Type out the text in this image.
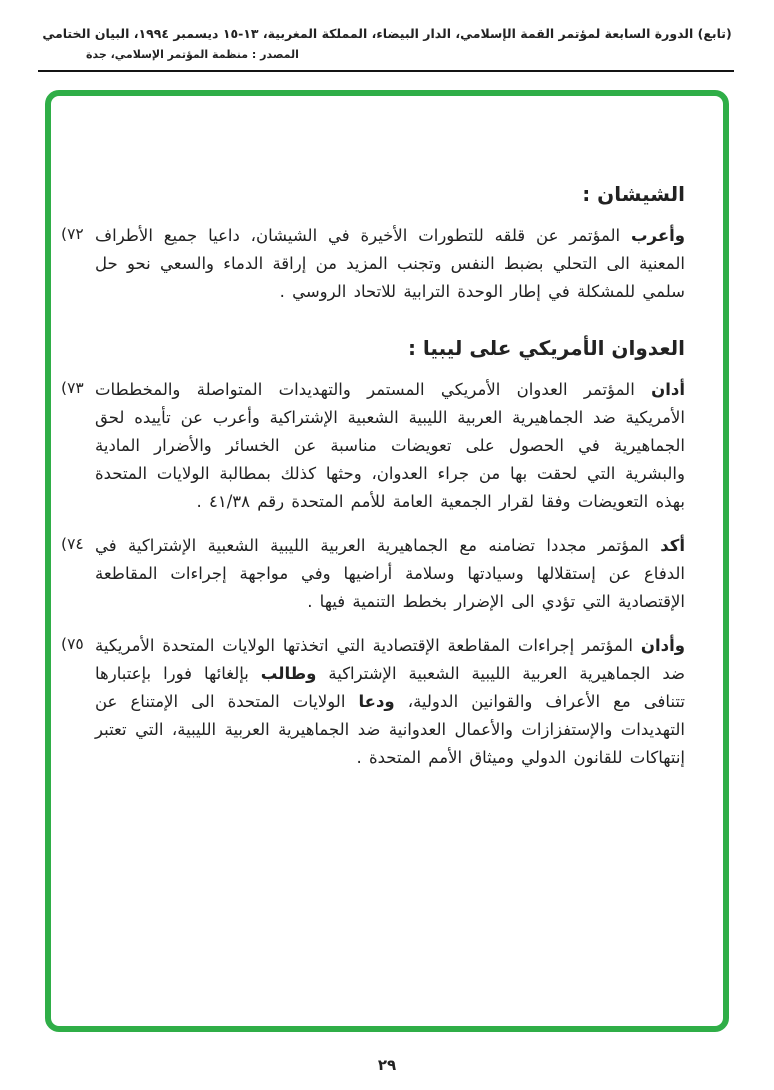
(تابع) الدورة السابعة لمؤتمر القمة الإسلامي، الدار البيضاء، المملكة المغربية، ١٣-١٥ ديسمبر ١٩٩٤، البيان الختامي
المصدر : منظمة المؤتمر الإسلامي، جدة
الشيشان :
٧٢)	وأعرب المؤتمر عن قلقه للتطورات الأخيرة في الشيشان، داعيا جميع الأطراف المعنية الى التحلي بضبط النفس وتجنب المزيد من إراقة الدماء والسعي نحو حل سلمي للمشكلة في إطار الوحدة الترابية للاتحاد الروسي .
العدوان الأمريكي على ليبيا :
٧٣)	أدان المؤتمر العدوان الأمريكي المستمر والتهديدات المتواصلة والمخططات الأمريكية ضد الجماهيرية العربية الليبية الشعبية الإشتراكية وأعرب عن تأييده لحق الجماهيرية في الحصول على تعويضات مناسبة عن الخسائر والأضرار المادية والبشرية التي لحقت بها من جراء العدوان، وحثها كذلك بمطالبة الولايات المتحدة بهذه التعويضات وفقا لقرار الجمعية العامة للأمم المتحدة رقم ٤١/٣٨ .
٧٤)	أكد المؤتمر مجددا تضامنه مع الجماهيرية العربية الليبية الشعبية الإشتراكية في الدفاع عن إستقلالها وسيادتها وسلامة أراضيها وفي مواجهة إجراءات المقاطعة الإقتصادية التي تؤدي الى الإضرار بخطط التنمية فيها .
٧٥)	وأدان المؤتمر إجراءات المقاطعة الإقتصادية التي اتخذتها الولايات المتحدة الأمريكية ضد الجماهيرية العربية الليبية الشعبية الإشتراكية وطالب بإلغائها فورا بإعتبارها تتنافى مع الأعراف والقوانين الدولية، ودعا الولايات المتحدة الى الإمتناع عن التهديدات والإستفزازات والأعمال العدوانية ضد الجماهيرية العربية الليبية، التي تعتبر إنتهاكات للقانون الدولي وميثاق الأمم المتحدة .
٢٩
